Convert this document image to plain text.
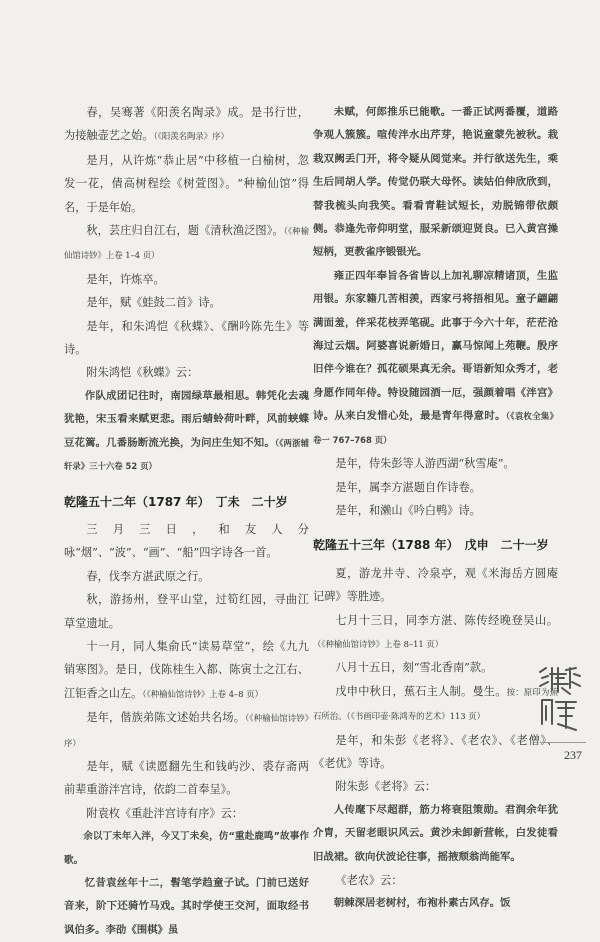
春，吴骞著《阳羡名陶录》成。是书行世，为接触壶艺之始。（《阳羡名陶录》序）

是月，从许炼“恭止居”中移植一白榆树，忽发一花，倩高树程绘《树萱图》。“种榆仙馆”得名，于是年始。

秋，芸庄归自江右，题《清秋渔泛图》。（《种榆仙馆诗钞》上卷 1–4 页）

是年，许炼卒。

是年，赋《蛙鼓二首》诗。

是年，和朱鸿恺《秋蝶》、《酬吟陈先生》等诗。

附朱鸿恺《秋蝶》云：

作队成团记往时，南园绿草最相思。韩凭化去魂犹艳，宋玉看来赋更悲。雨后蜻蛉荷叶畔，风前蛱蝶豆花篱。几番肠断流光换，为问庄生知不知。（《两浙辅轩录》三十六卷 52 页）

乾隆五十二年（1787 年）　丁未　二十岁

三月三日，和友人分咏“烟”、“波”、“画”、“船”四字诗各一首。

春，伐李方湛武原之行。

秋，游扬州，登平山堂，过筍红园，寻曲江草堂遗址。

十一月，同人集俞氏“读易草堂”，绘《九九销寒图》。是日，伐陈桂生入都、陈寅士之江右、江钜香之山左。（《种榆仙馆诗钞》上卷 4–8 页）

是年，偕族弟陈文述始共名场。（《种榆仙馆诗钞》序）

是年，赋《读愿翻先生和钱屿沙、裘存斋两前辈重游泮宫诗，依韵二首奉呈》。

附袁枚《重赴泮宫诗有序》云：

余以丁未年入泮，今又丁未矣，仿“重赴鹿鸣”故事作歌。

忆昔袁丝年十二，髫笔学趋童子试。门前已送好音来，阶下还骑竹马戏。其时学使王交河，面取经书讽伯多。李劭《围棋》虽

未赋，何郎推乐已能歌。一番正试两番覆，道路争观人簇簇。喧传泮水出芹芽，艳说童蒙先被秋。栽栽双阙丢门开，将令疑从阅觉来。并行欲送先生，乘生后同胡人学。传觉仍联大母怀。读姑伯伸欣欣到，替我梳头向我笑。看看青鞋试短长，劝脱锦带依颇侧。恭逢先帝仰明堂，服采新颂迎贤良。已入黄宫操短柄，更教雀序锻银光。

雍正四年奉旨各省皆以上加礼聊凉精诸顶，生监用银。东家籍几苦相羡，西家弓将捂相见。童子翩翩满面羞，伴采花枝弄笔砚。此事于今六十年，茫茫沧海过云烟。阿婆喜说新婚日，赢马惊闻上苑鞭。殷序旧伴今谁在？孤花硕果真无余。哥语新知众秀才，老身愿作同年侍。特设随园酒一厄，强颜着唱《泮宫》诗。从来白发惜心处，最是青年得意时。（《袁枚全集》卷一 767–768 页）

是年，侍朱彭等人游西湖“秋雪庵”。

是年，属李方湛题自作诗卷。

是年，和濑山《吟白鸭》诗。

乾隆五十三年（1788 年）　戊申　二十一岁

夏，游龙井寺、冷泉亭，观《米海岳方圆庵记碑》等胜迹。

七月十三日，同李方湛、陈传经晚登吴山。（《种榆仙馆诗钞》上卷 8–11 页）

八月十五日，刻“雪北香南”款。

戊申中秋日，蕉石主人制。曼生。按：原印为蕉石所治。（《书画印壶·陈鸿寿的艺术》113 页）

是年，和朱彭《老将》、《老农》、《老僧》、《老优》等诗。

附朱彭《老将》云：

人传麾下尽超群，筋力将衰阻策勋。君润余年犹介胄，天留老眼识风云。黄沙未卸新营帐，白发徒看旧战裙。欲向伏波论往事，摇掖颓翁尚能军。

《老农》云：

朝棘深居老树村，布袍朴素古风存。饭

237
